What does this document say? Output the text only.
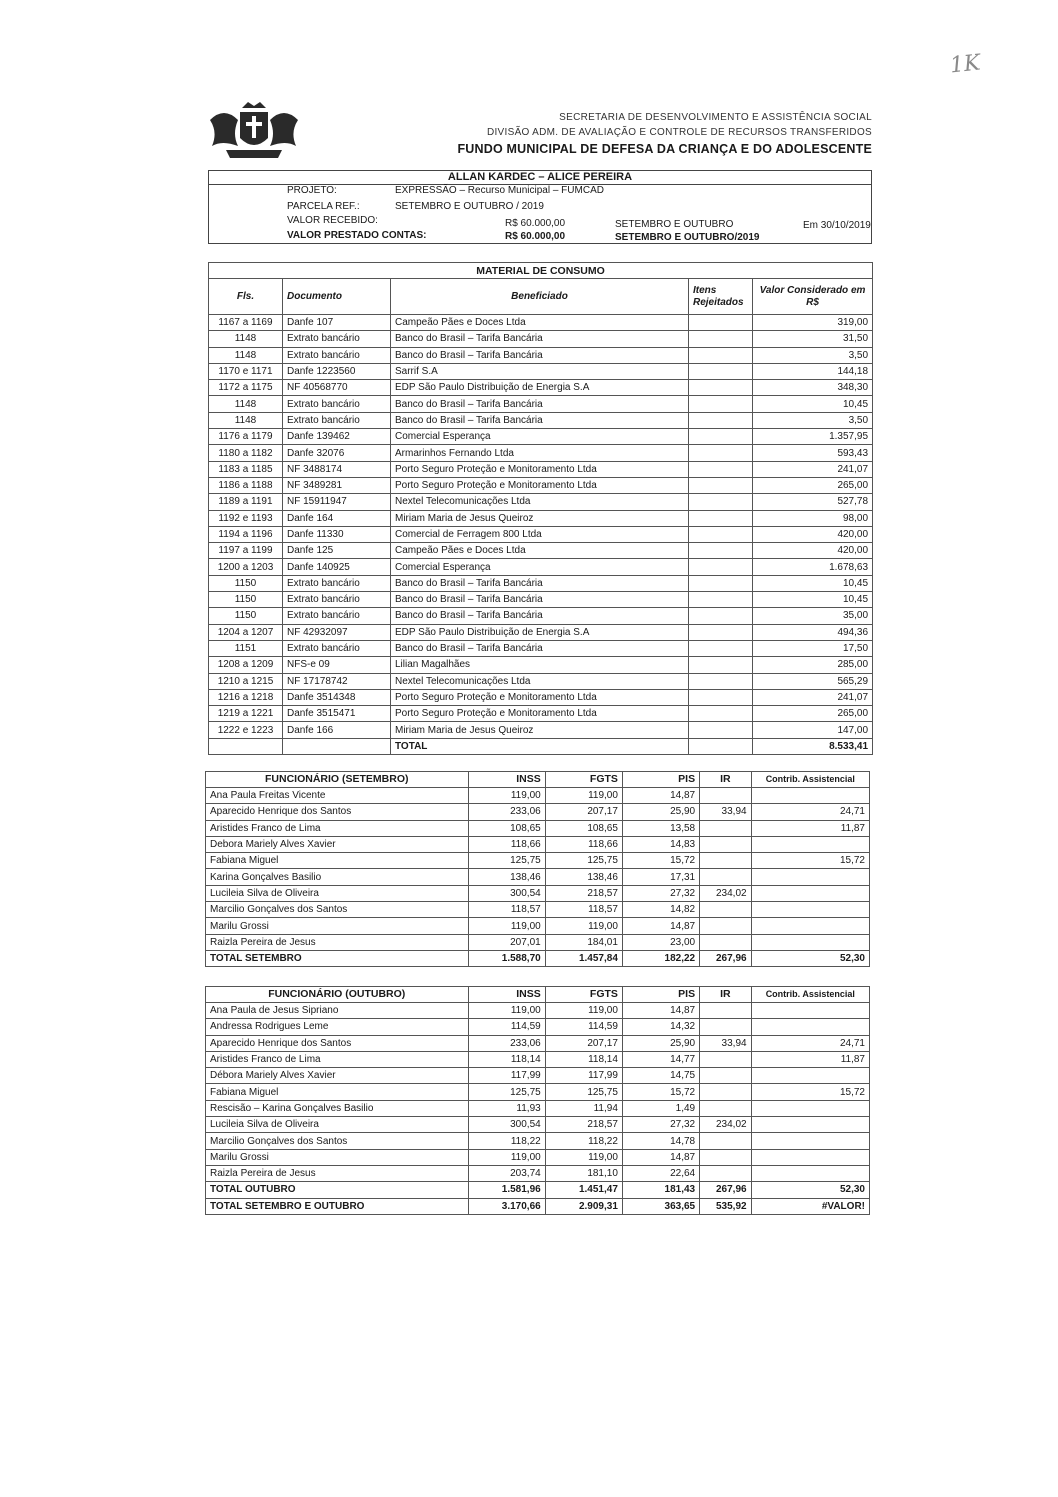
1K
SECRETARIA DE DESENVOLVIMENTO E ASSISTÊNCIA SOCIAL
DIVISÃO ADM. DE AVALIAÇÃO E CONTROLE DE RECURSOS TRANSFERIDOS
FUNDO MUNICIPAL DE DEFESA DA CRIANÇA E DO ADOLESCENTE
ALLAN KARDEC – ALICE PEREIRA
PROJETO:	EXPRESSÃO – Recurso Municipal – FUMCAD
PARCELA REF.:	SETEMBRO E OUTUBRO / 2019
VALOR RECEBIDO:	R$ 60.000,00	SETEMBRO E OUTUBRO	Em 30/10/2019
VALOR PRESTADO CONTAS:	R$ 60.000,00	SETEMBRO E OUTUBRO/2019
MATERIAL DE CONSUMO				
Fls.	Documento	Beneficiado	Itens Rejeitados	Valor Considerado em R$
1167 a 1169	Danfe 107	Campeão Pães e Doces Ltda		319,00
1148	Extrato bancário	Banco do Brasil – Tarifa Bancária		31,50
1148	Extrato bancário	Banco do Brasil – Tarifa Bancária		3,50
1170 e 1171	Danfe 1223560	Sarrif S.A		144,18
1172 a 1175	NF 40568770	EDP São Paulo Distribuição de Energia S.A		348,30
1148	Extrato bancário	Banco do Brasil – Tarifa Bancária		10,45
1148	Extrato bancário	Banco do Brasil – Tarifa Bancária		3,50
1176 a 1179	Danfe 139462	Comercial Esperança		1.357,95
1180 a 1182	Danfe 32076	Armarinhos Fernando Ltda		593,43
1183 a 1185	NF 3488174	Porto Seguro Proteção e Monitoramento Ltda		241,07
1186 a 1188	NF 3489281	Porto Seguro Proteção e Monitoramento Ltda		265,00
1189 a 1191	NF 15911947	Nextel Telecomunicações Ltda		527,78
1192 e 1193	Danfe 164	Miriam Maria de Jesus Queiroz		98,00
1194 a 1196	Danfe 11330	Comercial de Ferragem 800 Ltda		420,00
1197 a 1199	Danfe 125	Campeão Pães e Doces Ltda		420,00
1200 a 1203	Danfe 140925	Comercial Esperança		1.678,63
1150	Extrato bancário	Banco do Brasil – Tarifa Bancária		10,45
1150	Extrato bancário	Banco do Brasil – Tarifa Bancária		10,45
1150	Extrato bancário	Banco do Brasil – Tarifa Bancária		35,00
1204 a 1207	NF 42932097	EDP São Paulo Distribuição de Energia S.A		494,36
1151	Extrato bancário	Banco do Brasil – Tarifa Bancária		17,50
1208 a 1209	NFS-e 09	Lilian Magalhães		285,00
1210 a 1215	NF 17178742	Nextel Telecomunicações Ltda		565,29
1216 a 1218	Danfe 3514348	Porto Seguro Proteção e Monitoramento Ltda		241,07
1219 a 1221	Danfe 3515471	Porto Seguro Proteção e Monitoramento Ltda		265,00
1222 e 1223	Danfe 166	Miriam Maria de Jesus Queiroz		147,00
		TOTAL		8.533,41
FUNCIONÁRIO (SETEMBRO)	INSS	FGTS	PIS	IR	Contrib. Assistencial
Ana Paula Freitas Vicente	119,00	119,00	14,87		
Aparecido Henrique dos Santos	233,06	207,17	25,90	33,94	24,71
Aristides Franco de Lima	108,65	108,65	13,58		11,87
Debora Mariely Alves Xavier	118,66	118,66	14,83		
Fabiana Miguel	125,75	125,75	15,72		15,72
Karina Gonçalves Basilio	138,46	138,46	17,31		
Lucileia Silva de Oliveira	300,54	218,57	27,32	234,02	
Marcilio Gonçalves dos Santos	118,57	118,57	14,82		
Marilu Grossi	119,00	119,00	14,87		
Raizla Pereira de Jesus	207,01	184,01	23,00		
TOTAL SETEMBRO	1.588,70	1.457,84	182,22	267,96	52,30
FUNCIONÁRIO (OUTUBRO)	INSS	FGTS	PIS	IR	Contrib. Assistencial
Ana Paula de Jesus Sipriano	119,00	119,00	14,87		
Andressa Rodrigues Leme	114,59	114,59	14,32		
Aparecido Henrique dos Santos	233,06	207,17	25,90	33,94	24,71
Aristides Franco de Lima	118,14	118,14	14,77		11,87
Débora Mariely Alves Xavier	117,99	117,99	14,75		
Fabiana Miguel	125,75	125,75	15,72		15,72
Rescisão – Karina Gonçalves Basilio	11,93	11,94	1,49		
Lucileia Silva de Oliveira	300,54	218,57	27,32	234,02	
Marcilio Gonçalves dos Santos	118,22	118,22	14,78		
Marilu Grossi	119,00	119,00	14,87		
Raizla Pereira de Jesus	203,74	181,10	22,64		
TOTAL OUTUBRO	1.581,96	1.451,47	181,43	267,96	52,30
TOTAL SETEMBRO E OUTUBRO	3.170,66	2.909,31	363,65	535,92	#VALOR!
